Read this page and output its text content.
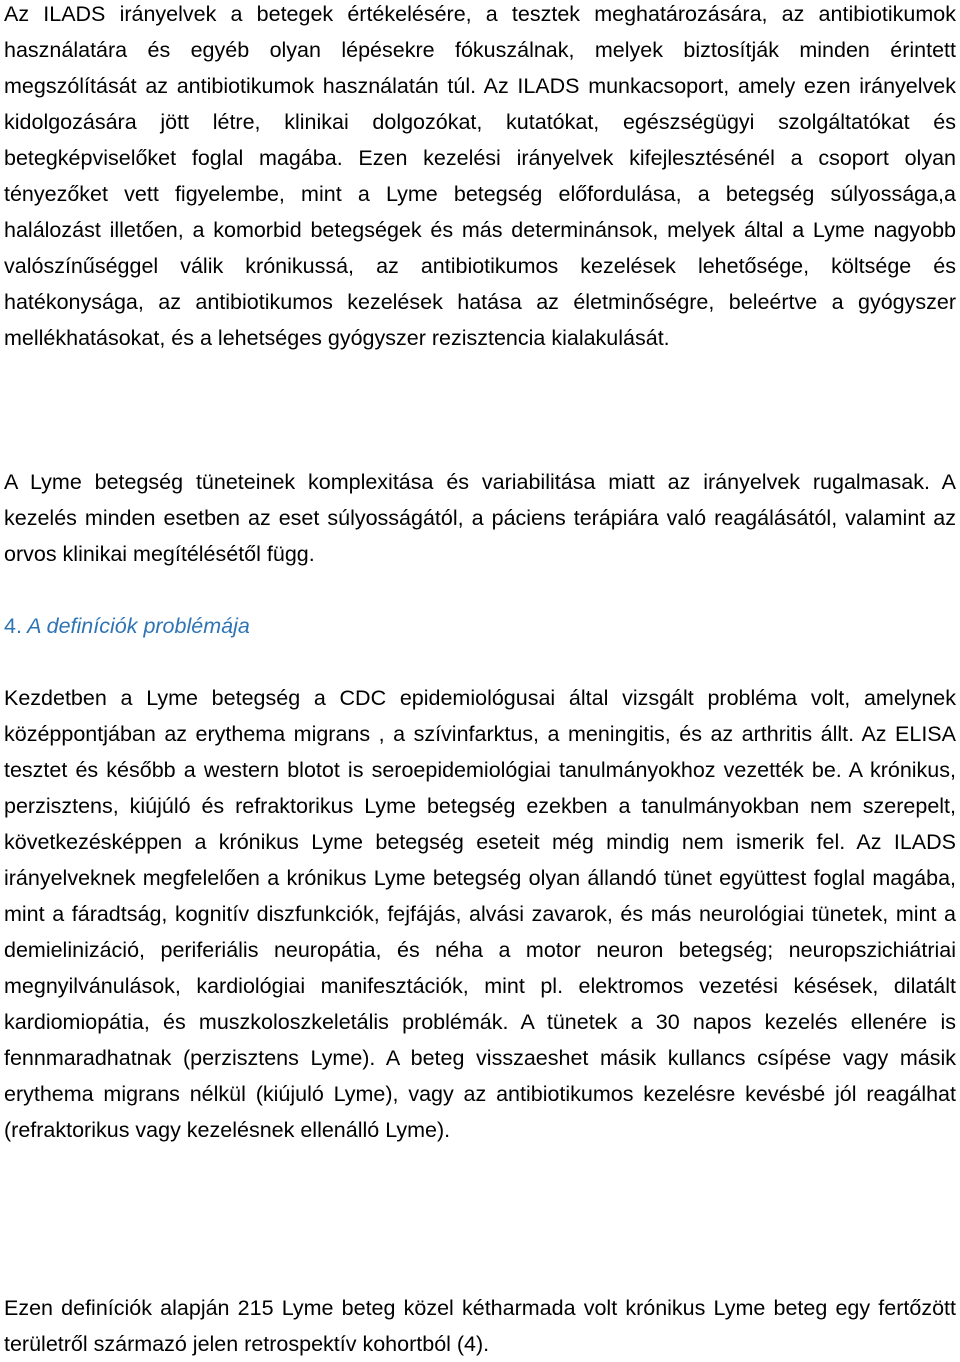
Az ILADS irányelvek a betegek értékelésére, a tesztek meghatározására, az antibiotikumok használatára és egyéb olyan lépésekre fókuszálnak, melyek biztosítják minden érintett megszólítását az antibiotikumok használatán túl. Az ILADS munkacsoport, amely ezen irányelvek kidolgozására jött létre, klinikai dolgozókat, kutatókat, egészségügyi szolgáltatókat és betegképviselőket foglal magába. Ezen kezelési irányelvek kifejlesztésénél a csoport olyan tényezőket vett figyelembe, mint a Lyme betegség előfordulása, a betegség súlyossága,a halálozást illetően, a komorbid betegségek és más determinánsok, melyek által a Lyme nagyobb valószínűséggel válik krónikussá, az antibiotikumos kezelések lehetősége, költsége és hatékonysága, az antibiotikumos kezelések hatása az életminőségre, beleértve a gyógyszer mellékhatásokat, és a lehetséges gyógyszer rezisztencia kialakulását.

A Lyme betegség tüneteinek komplexitása és variabilitása miatt az irányelvek rugalmasak. A kezelés minden esetben az eset súlyosságától, a páciens terápiára való reagálásától, valamint az orvos klinikai megítélésétől függ.

4. A definíciók problémája

Kezdetben a Lyme betegség a CDC epidemiológusai által vizsgált probléma volt, amelynek középpontjában az erythema migrans , a szívinfarktus, a meningitis, és az arthritis állt. Az ELISA tesztet és később a western blotot is seroepidemiológiai tanulmányokhoz vezették be. A krónikus, perzisztens, kiújúló és refraktorikus Lyme betegség ezekben a tanulmányokban nem szerepelt, következésképpen a krónikus Lyme betegség eseteit még mindig nem ismerik fel. Az ILADS irányelveknek megfelelően a krónikus Lyme betegség olyan állandó tünet együttest foglal magába, mint a fáradtság, kognitív diszfunkciók, fejfájás, alvási zavarok, és más neurológiai tünetek, mint a demielinizáció, periferiális neuropátia, és néha a motor neuron betegség; neuropszichiátriai megnyilvánulások, kardiológiai manifesztációk, mint pl. elektromos vezetési késések, dilatált kardiomiopátia, és muszkoloszkeletális problémák. A tünetek a 30 napos kezelés ellenére is fennmaradhatnak (perzisztens Lyme). A beteg visszaeshet másik kullancs csípése vagy másik erythema migrans nélkül (kiújuló Lyme), vagy az antibiotikumos kezelésre kevésbé jól reagálhat (refraktorikus vagy kezelésnek ellenálló Lyme).

Ezen definíciók alapján 215 Lyme beteg közel kétharmada volt krónikus Lyme beteg egy fertőzött területről származó jelen retrospektív kohortból (4).
